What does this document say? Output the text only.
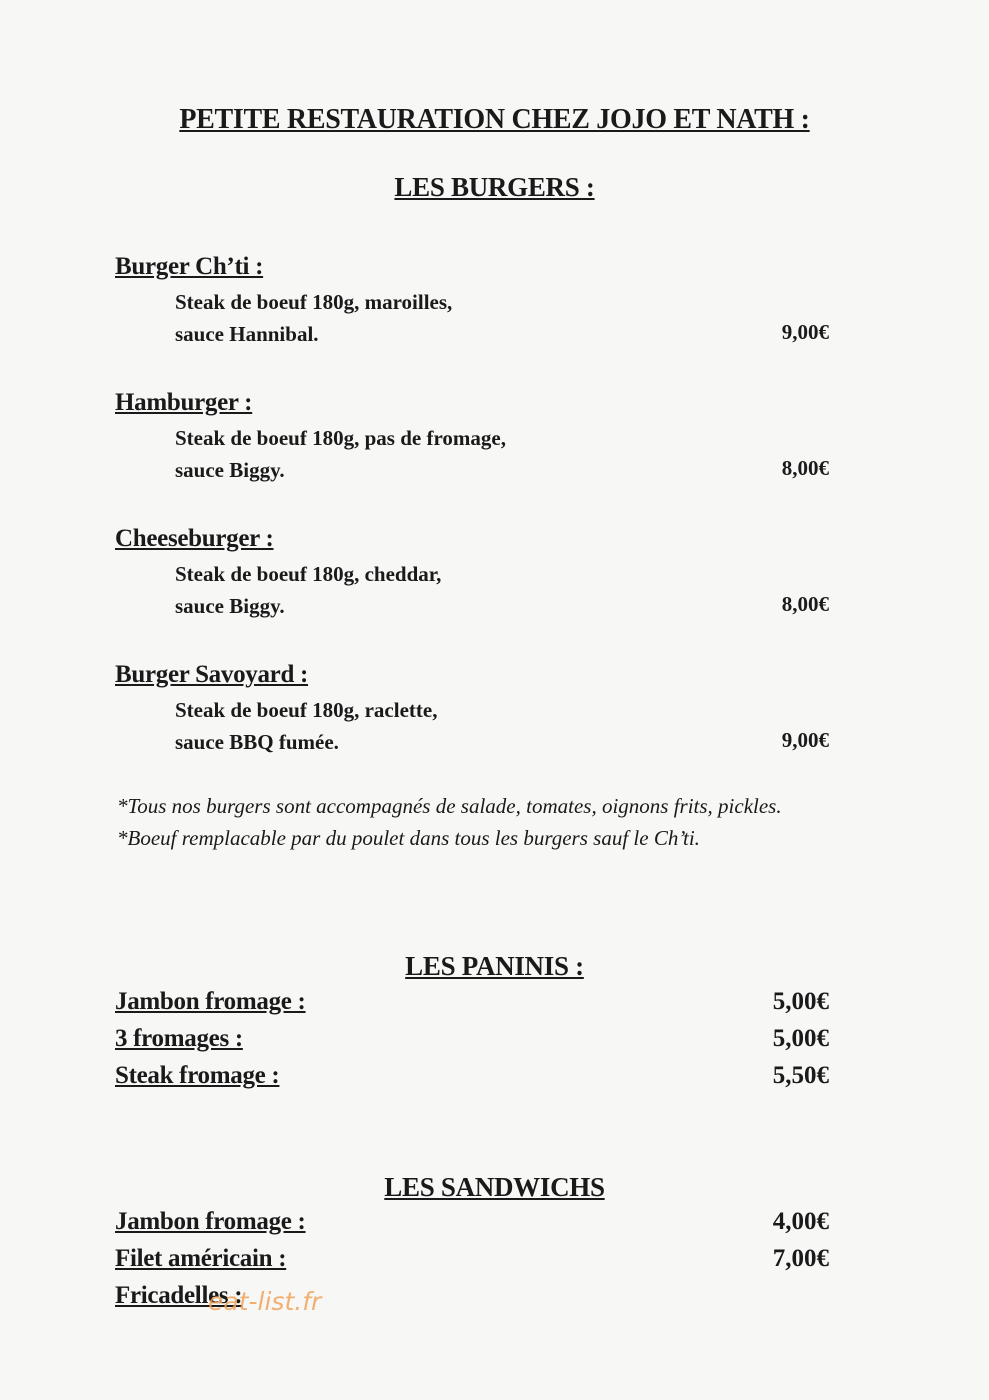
PETITE RESTAURATION CHEZ JOJO ET NATH :
LES BURGERS :
Burger Ch’ti :
Steak de boeuf 180g, maroilles,
sauce Hannibal.	9,00€
Hamburger :
Steak de boeuf 180g, pas de fromage,
sauce Biggy.	8,00€
Cheeseburger :
Steak de boeuf 180g, cheddar,
sauce Biggy.	8,00€
Burger Savoyard :
Steak de boeuf 180g, raclette,
sauce BBQ fumée.	9,00€
*Tous nos burgers sont accompagnés de salade, tomates, oignons frits, pickles.
*Boeuf remplacable par du poulet dans tous les burgers sauf le Ch’ti.
LES PANINIS :
Jambon fromage :	5,00€
3 fromages :	5,00€
Steak fromage :	5,50€
LES SANDWICHS
Jambon fromage :	4,00€
Filet américain :	7,00€
Fricadelles :
eat-list.fr
